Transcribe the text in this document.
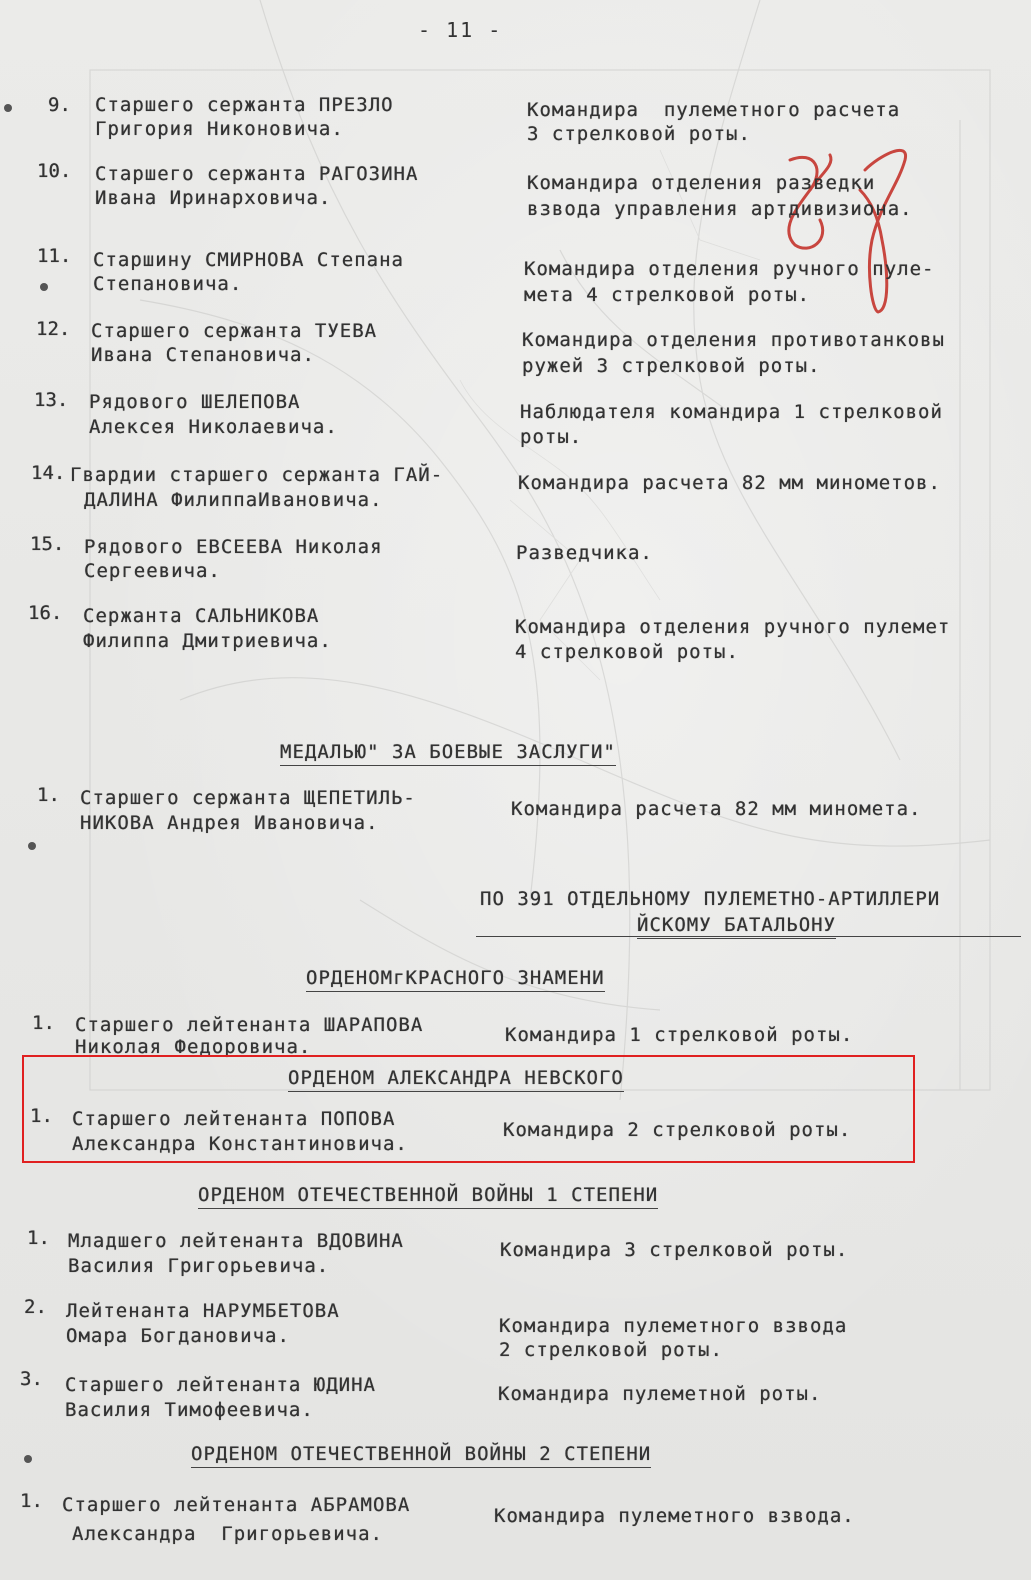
- 11 -
9. Старшего сержанта ПРЕЗЛО
Григория Никоновича.
Командира  пулеметного расчета
3 стрелковой роты.
10. Старшего сержанта РАГОЗИНА
Ивана Иринарховича.
Командира отделения разведки
взвода управления артдивизиона.
11. Старшину СМИРНОВА Степана
Степановича.
Командира отделения ручного пуле-
мета 4 стрелковой роты.
12. Старшего сержанта ТУЕВА
Ивана Степановича.
Командира отделения противотанковы
ружей 3 стрелковой роты.
13. Рядового ШЕЛЕПОВА
Алексея Николаевича.
Наблюдателя командира 1 стрелковой
роты.
14. Гвардии старшего сержанта ГАЙ-
ДАЛИНА ФилиппаИвановича.
Командира расчета 82 мм минометов.
15. Рядового ЕВСЕЕВА Николая
Сергеевича.
Разведчика.
16. Сержанта САЛЬНИКОВА
Филиппа Дмитриевича.
Командира отделения ручного пулемет
4 стрелковой роты.
МЕДАЛЬЮ" ЗА БОЕВЫЕ ЗАСЛУГИ"
1. Старшего сержанта ЩЕПЕТИЛЬ-
НИКОВА Андрея Ивановича.
Командира расчета 82 мм миномета.
ПО 391 ОТДЕЛЬНОМУ ПУЛЕМЕТНО-АРТИЛЛЕРИ
ЙСКОМУ БАТАЛЬОНУ
ОРДЕНОМгКРАСНОГО ЗНАМЕНИ
1. Старшего лейтенанта ШАРАПОВА
Николая Федоровича.
Командира 1 стрелковой роты.
ОРДЕНОМ АЛЕКСАНДРА НЕВСКОГО
1. Старшего лейтенанта ПОПОВА
Александра Константиновича.
Командира 2 стрелковой роты.
ОРДЕНОМ ОТЕЧЕСТВЕННОЙ ВОЙНЫ 1 СТЕПЕНИ
1. Младшего лейтенанта ВДОВИНА
Василия Григорьевича.
Командира 3 стрелковой роты.
2. Лейтенанта НАРУМБЕТОВА
Омара Богдановича.	Командира пулеметного взвода
2 стрелковой роты.
3. Старшего лейтенанта ЮДИНА
Василия Тимофеевича.
Командира пулеметной роты.
ОРДЕНОМ ОТЕЧЕСТВЕННОЙ ВОЙНЫ 2 СТЕПЕНИ
1. Старшего лейтенанта АБРАМОВА
Александра  Григорьевича.
Командира пулеметного взвода.
